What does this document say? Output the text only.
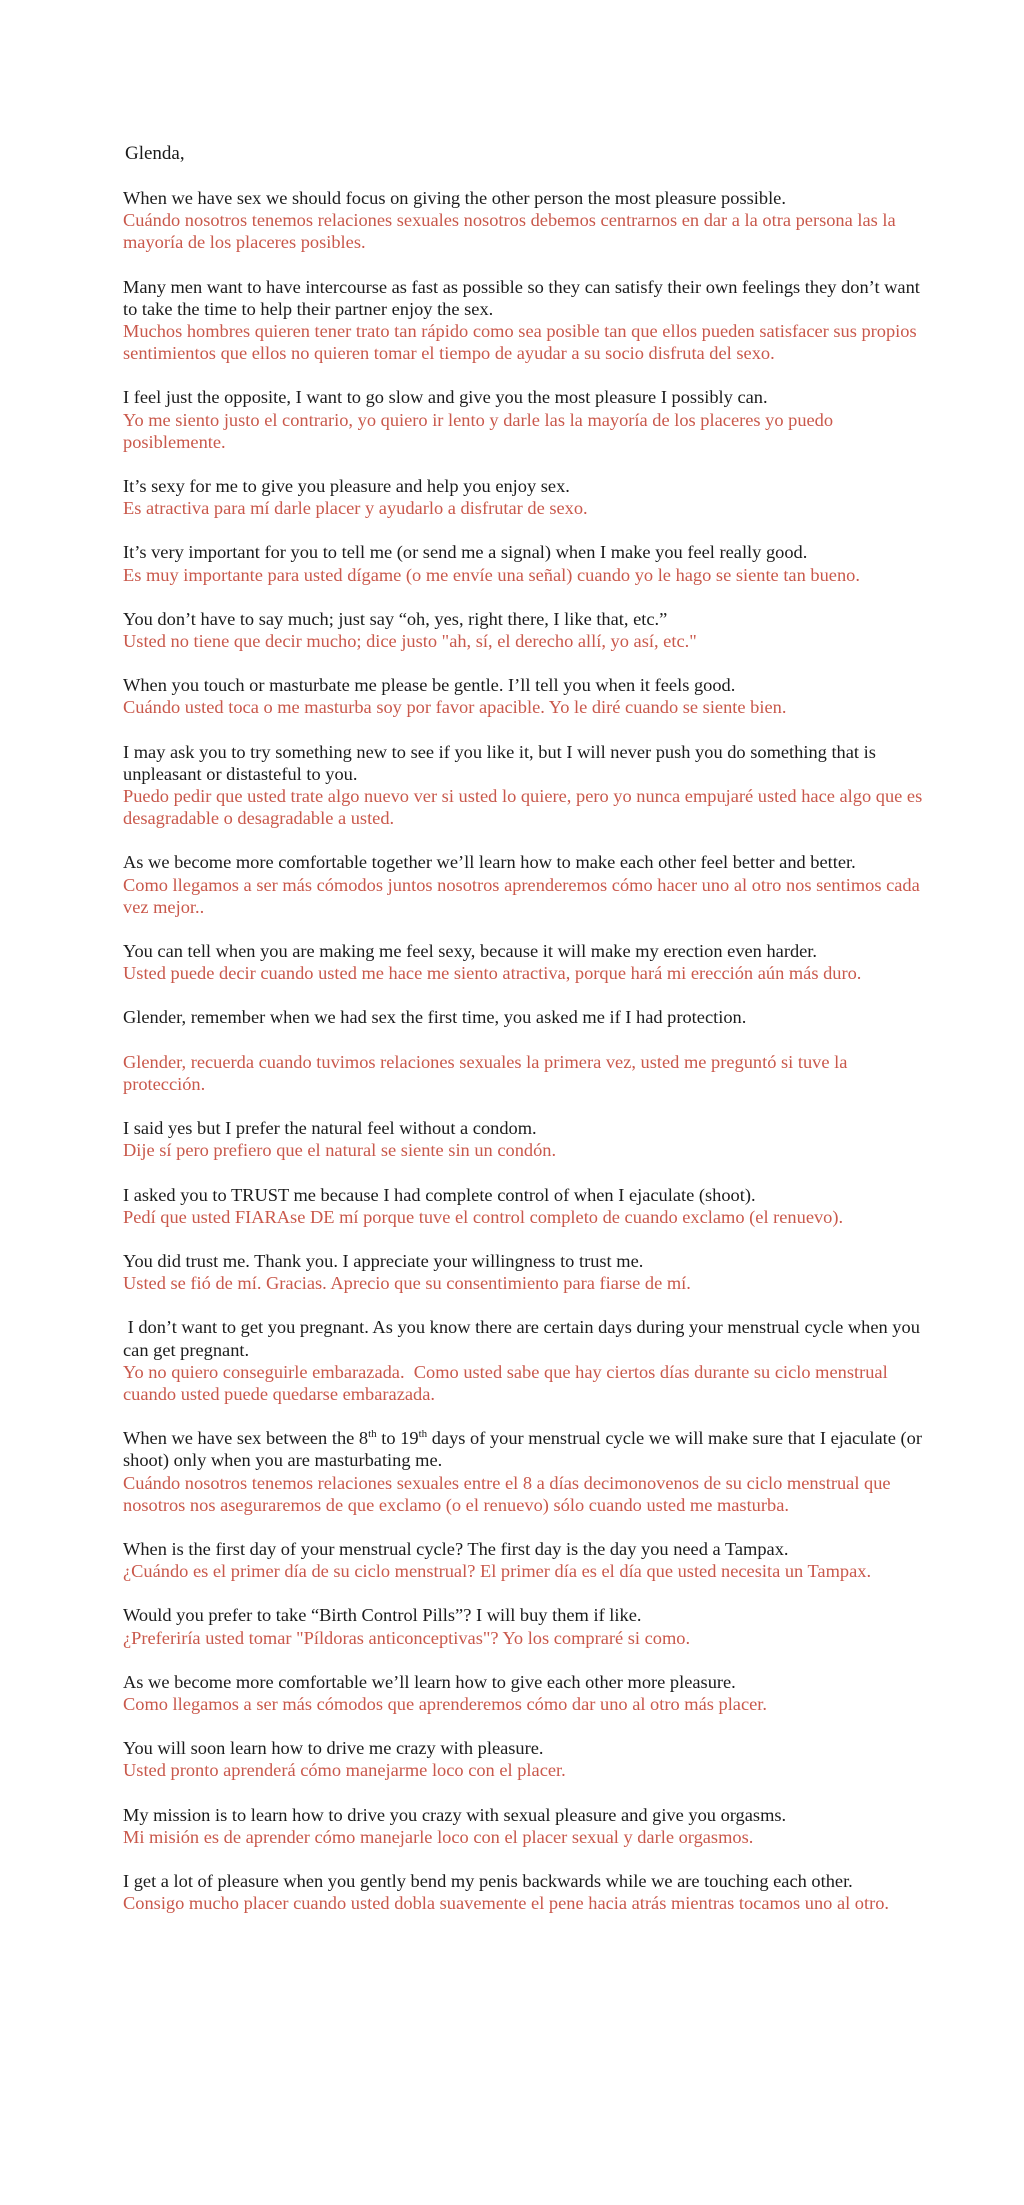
Glenda,
When we have sex we should focus on giving the other person the most pleasure possible.
Cuándo nosotros tenemos relaciones sexuales nosotros debemos centrarnos en dar a la otra persona las la mayoría de los placeres posibles.
Many men want to have intercourse as fast as possible so they can satisfy their own feelings they don’t want to take the time to help their partner enjoy the sex.
Muchos hombres quieren tener trato tan rápido como sea posible tan que ellos pueden satisfacer sus propios sentimientos que ellos no quieren tomar el tiempo de ayudar a su socio disfruta del sexo.
I feel just the opposite, I want to go slow and give you the most pleasure I possibly can.
Yo me siento justo el contrario, yo quiero ir lento y darle las la mayoría de los placeres yo puedo posiblemente.
It’s sexy for me to give you pleasure and help you enjoy sex.
Es atractiva para mí darle placer y ayudarlo a disfrutar de sexo.
It’s very important for you to tell me (or send me a signal) when I make you feel really good.
Es muy importante para usted dígame (o me envíe una señal) cuando yo le hago se siente tan bueno.
You don’t have to say much; just say “oh, yes, right there, I like that, etc.”
Usted no tiene que decir mucho; dice justo "ah, sí, el derecho allí, yo así, etc."
When you touch or masturbate me please be gentle. I’ll tell you when it feels good.
Cuándo usted toca o me masturba soy por favor apacible. Yo le diré cuando se siente bien.
I may ask you to try something new to see if you like it, but I will never push you do something that is unpleasant or distasteful to you.
Puedo pedir que usted trate algo nuevo ver si usted lo quiere, pero yo nunca empujaré usted hace algo que es desagradable o desagradable a usted.
As we become more comfortable together we’ll learn how to make each other feel better and better.
Como llegamos a ser más cómodos juntos nosotros aprenderemos cómo hacer uno al otro nos sentimos cada vez mejor..
You can tell when you are making me feel sexy, because it will make my erection even harder.
Usted puede decir cuando usted me hace me siento atractiva, porque hará mi erección aún más duro.
Glender, remember when we had sex the first time, you asked me if I had protection.
Glender, recuerda cuando tuvimos relaciones sexuales la primera vez, usted me preguntó si tuve la protección.
I said yes but I prefer the natural feel without a condom.
Dije sí pero prefiero que el natural se siente sin un condón.
I asked you to TRUST me because I had complete control of when I ejaculate (shoot).
Pedí que usted FIARAse DE mí porque tuve el control completo de cuando exclamo (el renuevo).
You did trust me. Thank you. I appreciate your willingness to trust me.
Usted se fió de mí. Gracias. Aprecio que su consentimiento para fiarse de mí.
I don’t want to get you pregnant. As you know there are certain days during your menstrual cycle when you can get pregnant.
Yo no quiero conseguirle embarazada.  Como usted sabe que hay ciertos días durante su ciclo menstrual cuando usted puede quedarse embarazada.
When we have sex between the 8th to 19th days of your menstrual cycle we will make sure that I ejaculate (or shoot) only when you are masturbating me.
Cuándo nosotros tenemos relaciones sexuales entre el 8 a días decimonovenos de su ciclo menstrual que nosotros nos aseguraremos de que exclamo (o el renuevo) sólo cuando usted me masturba.
When is the first day of your menstrual cycle? The first day is the day you need a Tampax.
¿Cuándo es el primer día de su ciclo menstrual? El primer día es el día que usted necesita un Tampax.
Would you prefer to take “Birth Control Pills”? I will buy them if like.
¿Preferiría usted tomar "Píldoras anticonceptivas"? Yo los compraré si como.
As we become more comfortable we’ll learn how to give each other more pleasure.
Como llegamos a ser más cómodos que aprenderemos cómo dar uno al otro más placer.
You will soon learn how to drive me crazy with pleasure.
Usted pronto aprenderá cómo manejarme loco con el placer.
My mission is to learn how to drive you crazy with sexual pleasure and give you orgasms.
Mi misión es de aprender cómo manejarle loco con el placer sexual y darle orgasmos.
I get a lot of pleasure when you gently bend my penis backwards while we are touching each other.
Consigo mucho placer cuando usted dobla suavemente el pene hacia atrás mientras tocamos uno al otro.
